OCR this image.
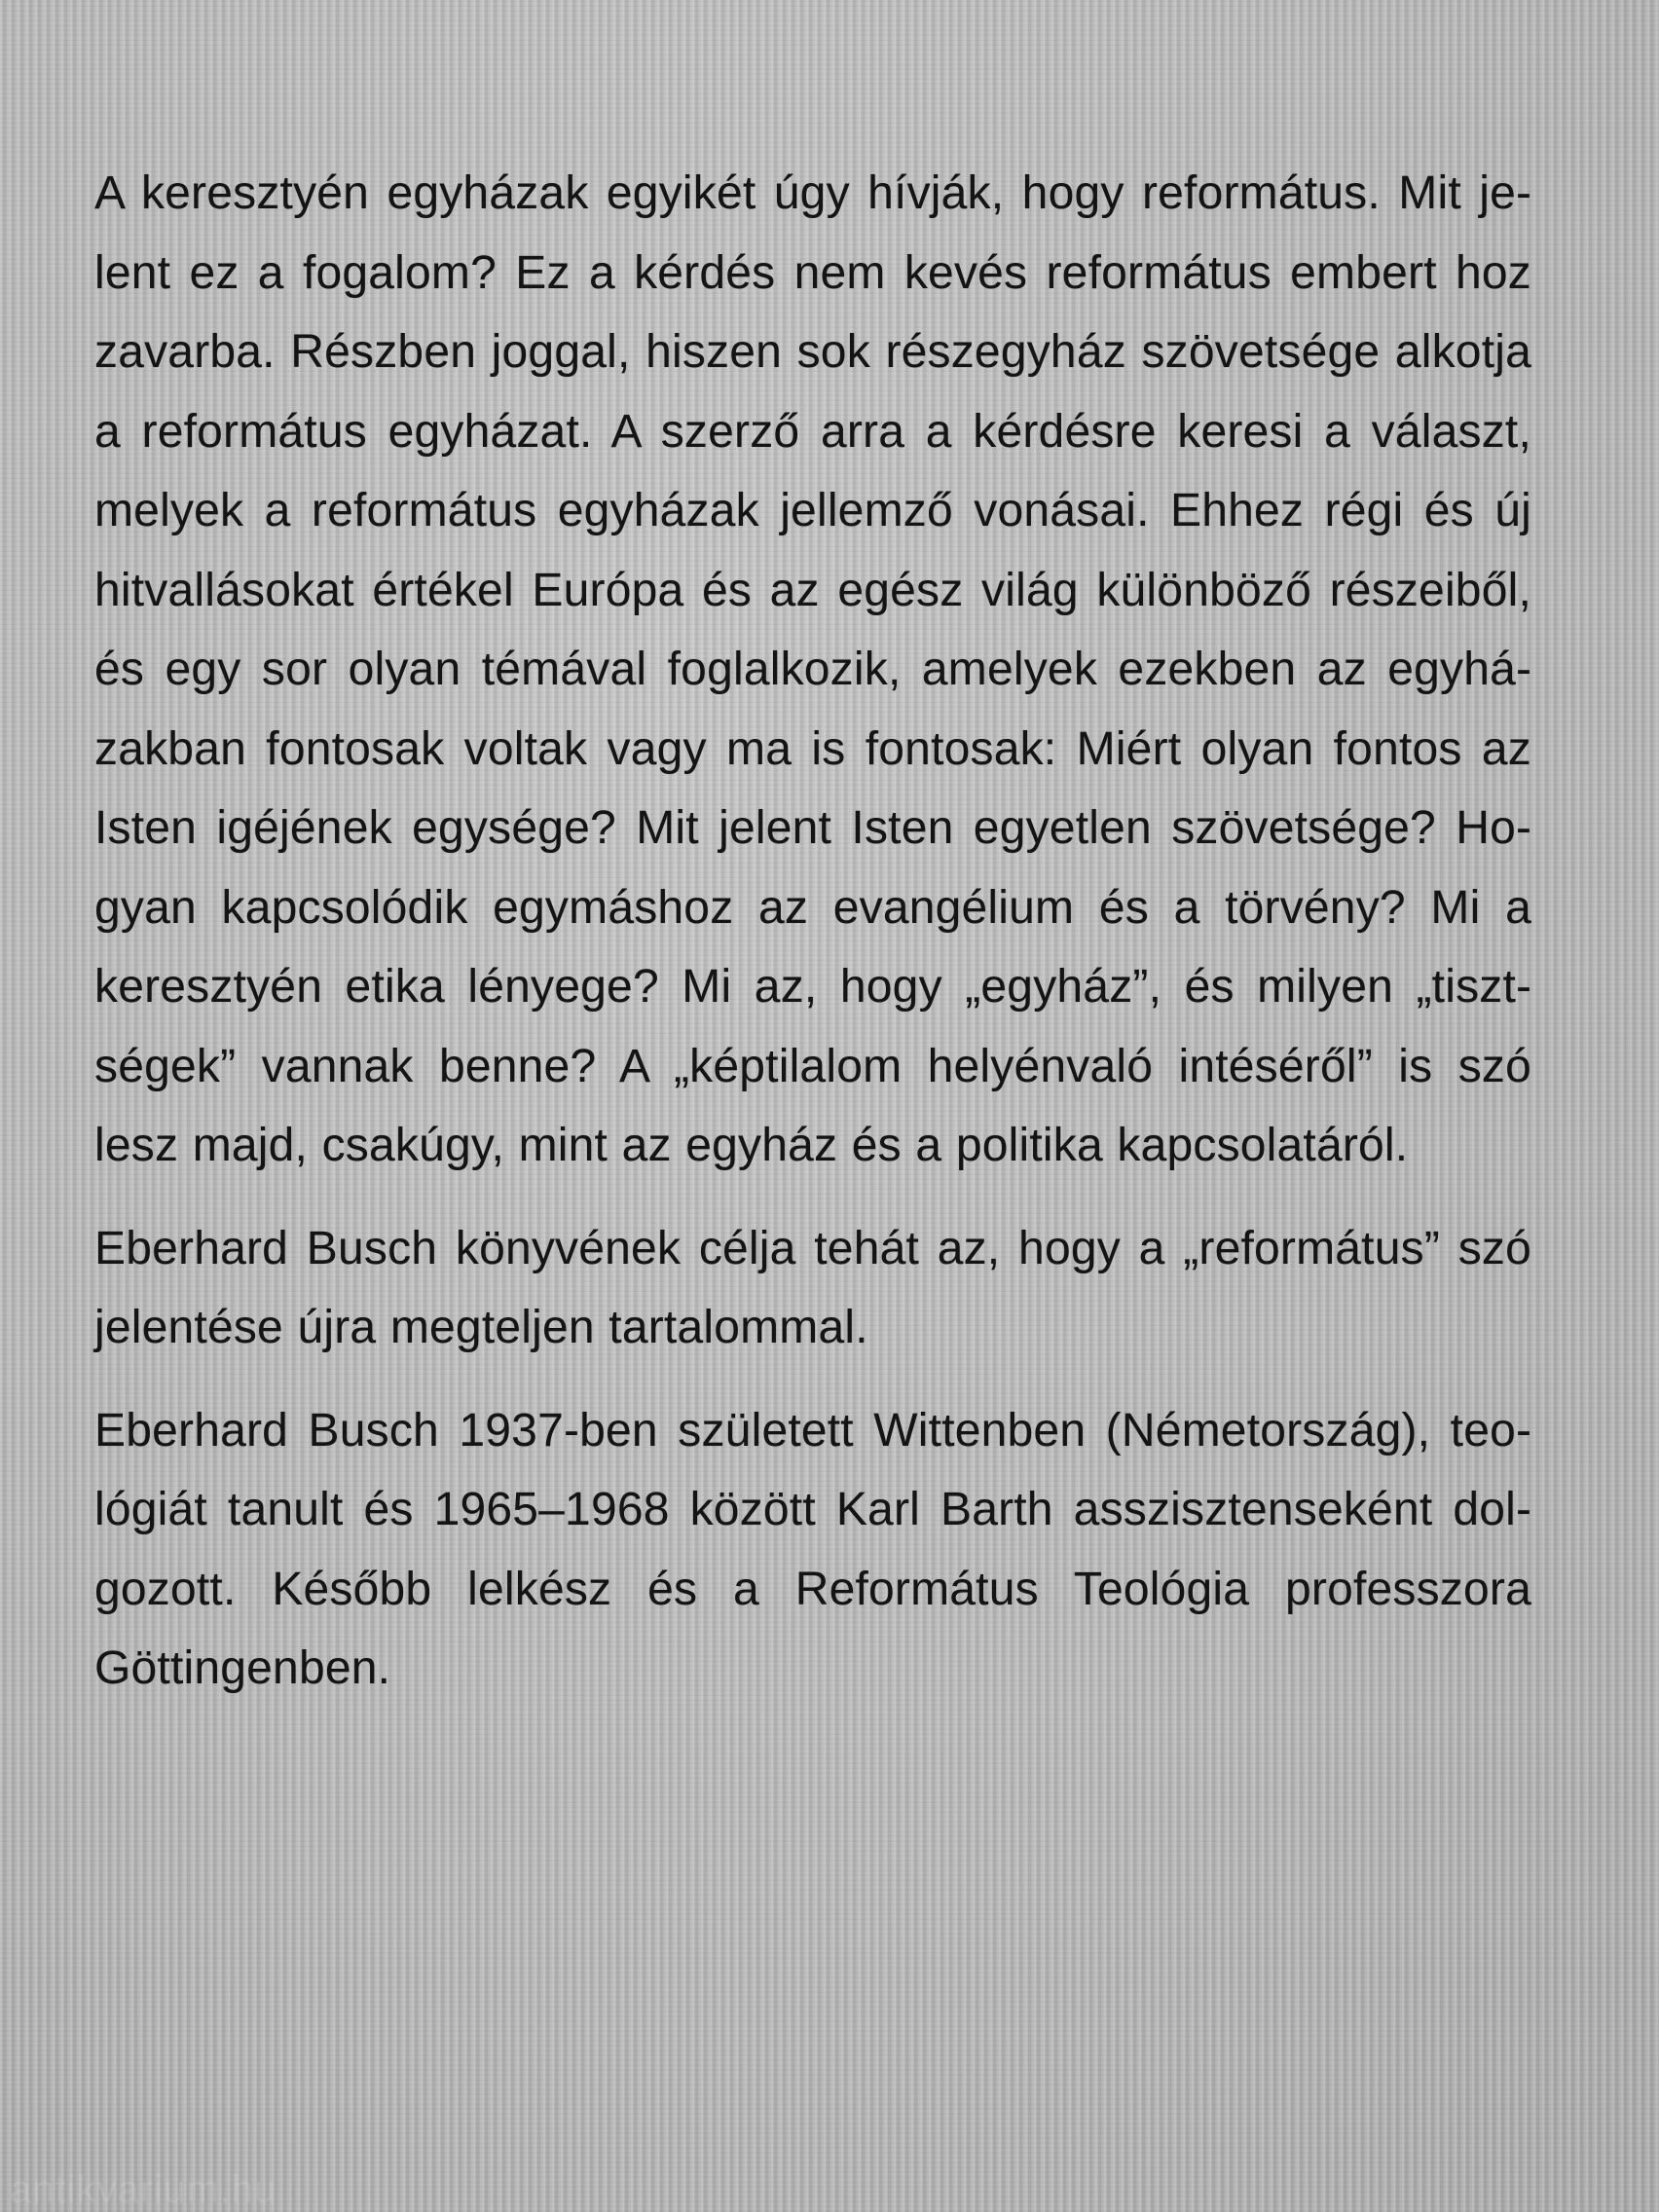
A keresztyén egyházak egyikét úgy hívják, hogy református. Mit jelent ez a fogalom? Ez a kérdés nem kevés református embert hoz zavarba. Részben joggal, hiszen sok részegyház szövetsége alkotja a református egyházat. A szerző arra a kérdésre keresi a választ, melyek a református egyházak jellemző vonásai. Ehhez régi és új hitvallásokat értékel Európa és az egész világ különböző részeiből, és egy sor olyan témával foglalkozik, amelyek ezekben az egyházakban fontosak voltak vagy ma is fontosak: Miért olyan fontos az Isten igéjének egysége? Mit jelent Isten egyetlen szövetsége? Hogyan kapcsolódik egymáshoz az evangélium és a törvény? Mi a keresztyén etika lényege? Mi az, hogy „egyház”, és milyen „tisztségek” vannak benne? A „képtilalom helyénvaló intéséről” is szó lesz majd, csakúgy, mint az egyház és a politika kapcsolatáról.

Eberhard Busch könyvének célja tehát az, hogy a „református” szó jelentése újra megteljen tartalommal.

Eberhard Busch 1937-ben született Wittenben (Németország), teológiát tanult és 1965–1968 között Karl Barth asszisztenseként dolgozott. Később lelkész és a Református Teológia professzora Göttingenben.

antikvarium.hu
